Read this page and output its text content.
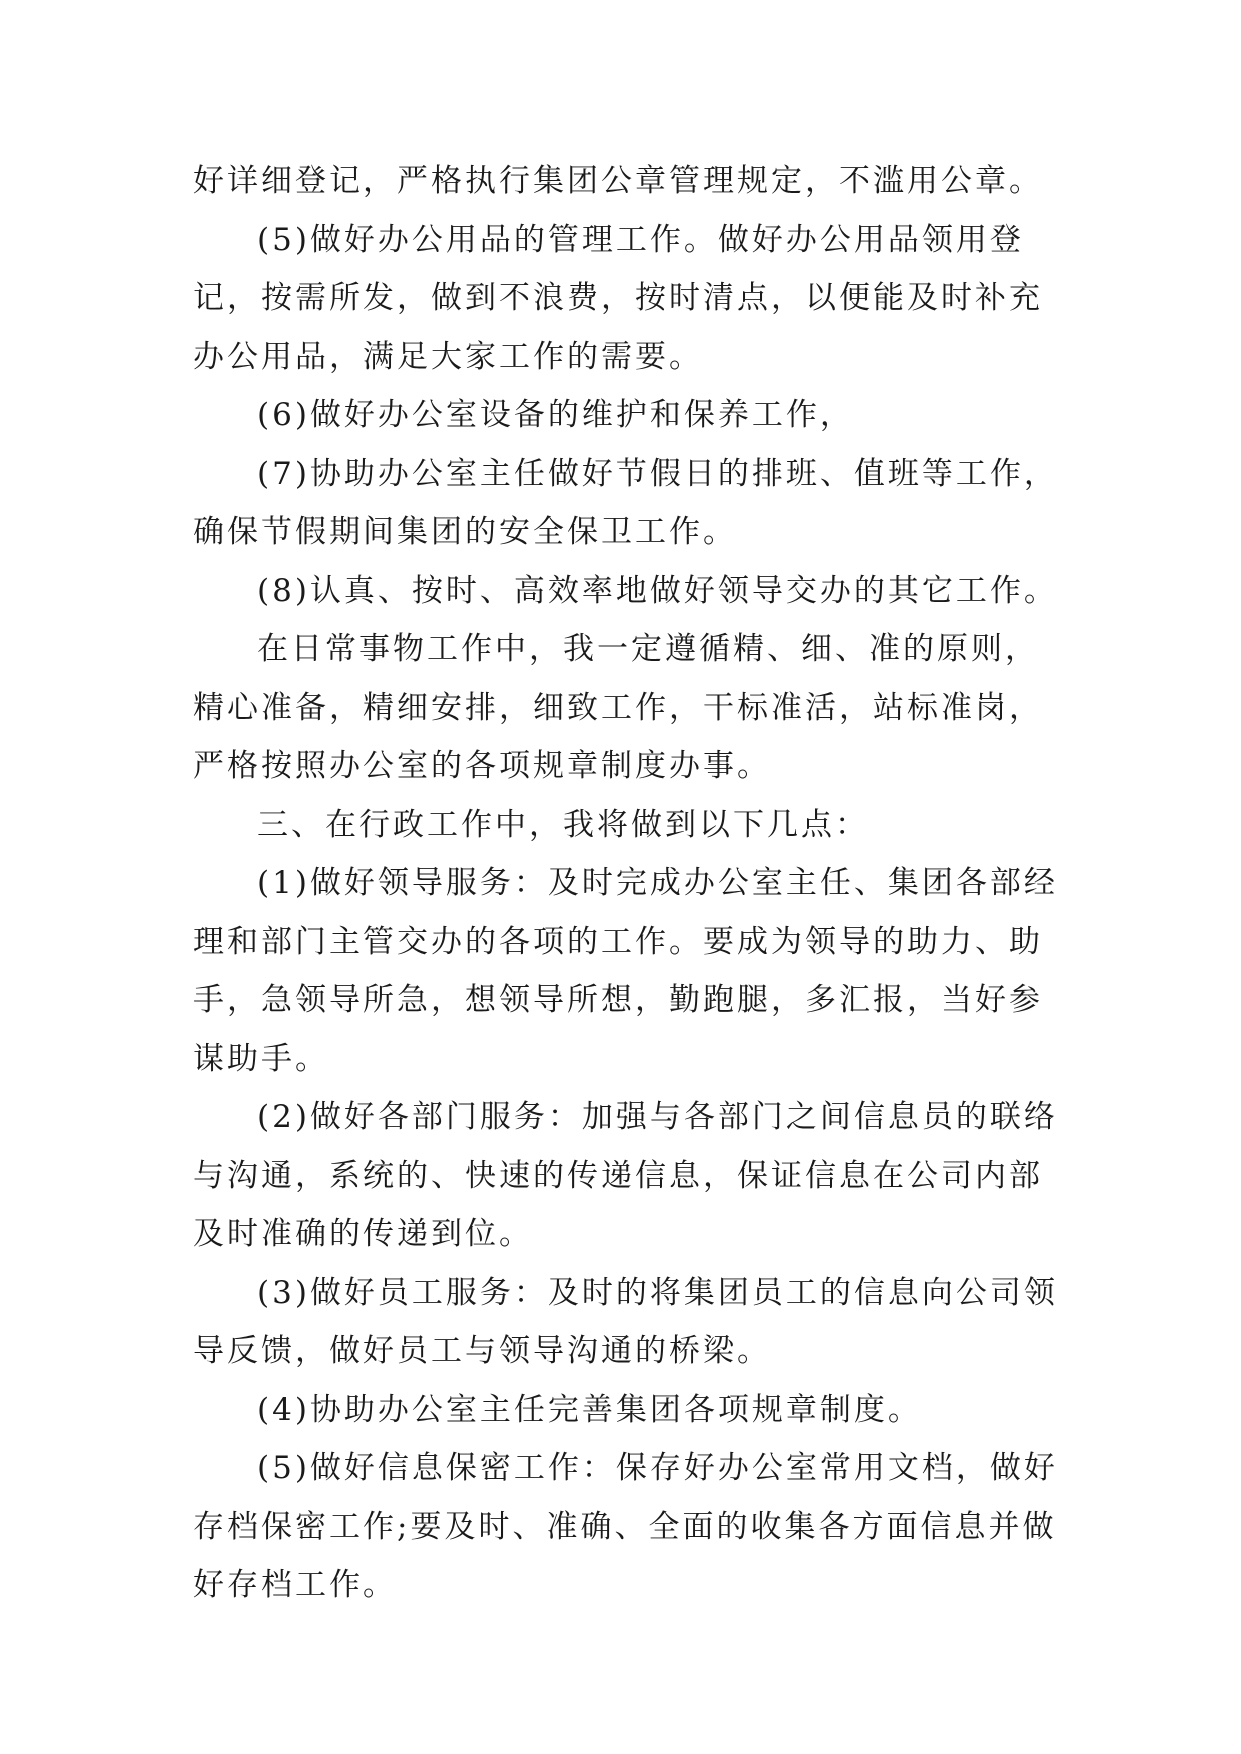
好详细登记，严格执行集团公章管理规定，不滥用公章。

(5)做好办公用品的管理工作。做好办公用品领用登记，按需所发，做到不浪费，按时清点，以便能及时补充办公用品，满足大家工作的需要。

(6)做好办公室设备的维护和保养工作，

(7)协助办公室主任做好节假日的排班、值班等工作，确保节假期间集团的安全保卫工作。

(8)认真、按时、高效率地做好领导交办的其它工作。

在日常事物工作中，我一定遵循精、细、准的原则，精心准备，精细安排，细致工作，干标准活，站标准岗，严格按照办公室的各项规章制度办事。

三、在行政工作中，我将做到以下几点：

(1)做好领导服务：及时完成办公室主任、集团各部经理和部门主管交办的各项的工作。要成为领导的助力、助手，急领导所急，想领导所想，勤跑腿，多汇报，当好参谋助手。

(2)做好各部门服务：加强与各部门之间信息员的联络与沟通，系统的、快速的传递信息，保证信息在公司内部及时准确的传递到位。

(3)做好员工服务：及时的将集团员工的信息向公司领导反馈，做好员工与领导沟通的桥梁。

(4)协助办公室主任完善集团各项规章制度。

(5)做好信息保密工作：保存好办公室常用文档，做好存档保密工作;要及时、准确、全面的收集各方面信息并做好存档工作。
